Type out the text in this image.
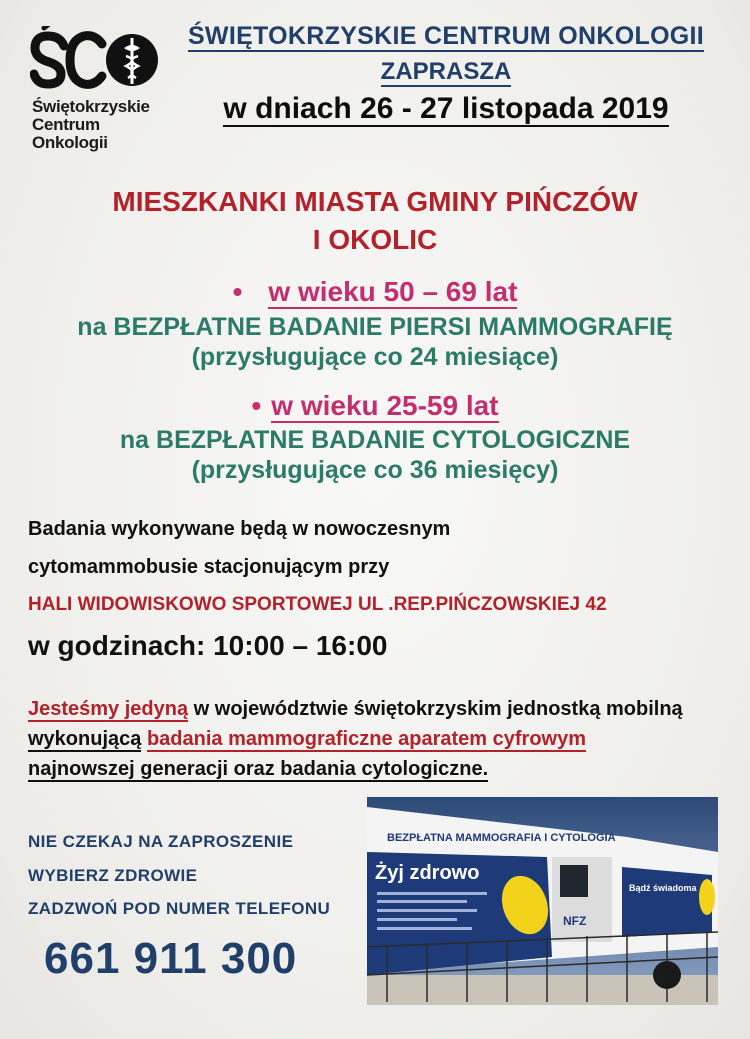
Świętokrzyskie
Centrum
Onkologii
ŚWIĘTOKRZYSKIE CENTRUM ONKOLOGII
ZAPRASZA
w dniach 26 - 27 listopada 2019
MIESZKANKI MIASTA GMINY PIŃCZÓW
I OKOLIC
• w wieku 50 – 69 lat
na BEZPŁATNE BADANIE PIERSI MAMMOGRAFIĘ
(przysługujące co 24 miesiące)
• w wieku 25-59 lat
na BEZPŁATNE BADANIE CYTOLOGICZNE
(przysługujące co 36 miesięcy)
Badania wykonywane będą w nowoczesnym
cytomammobusie stacjonującym przy
HALI WIDOWISKOWO SPORTOWEJ UL .REP.PIŃCZOWSKIEJ 42
w godzinach: 10:00 – 16:00
Jesteśmy jedyną w województwie świętokrzyskim jednostką mobilną
wykonującą badania mammograficzne aparatem cyfrowym
najnowszej generacji oraz badania cytologiczne.
NIE CZEKAJ NA ZAPROSZENIE
WYBIERZ ZDROWIE
ZADZWOŃ POD NUMER TELEFONU
661 911 300
BEZPŁATNA MAMMOGRAFIA I CYTOLOGIA
Żyj zdrowo
Bądź świadoma
NFZ
